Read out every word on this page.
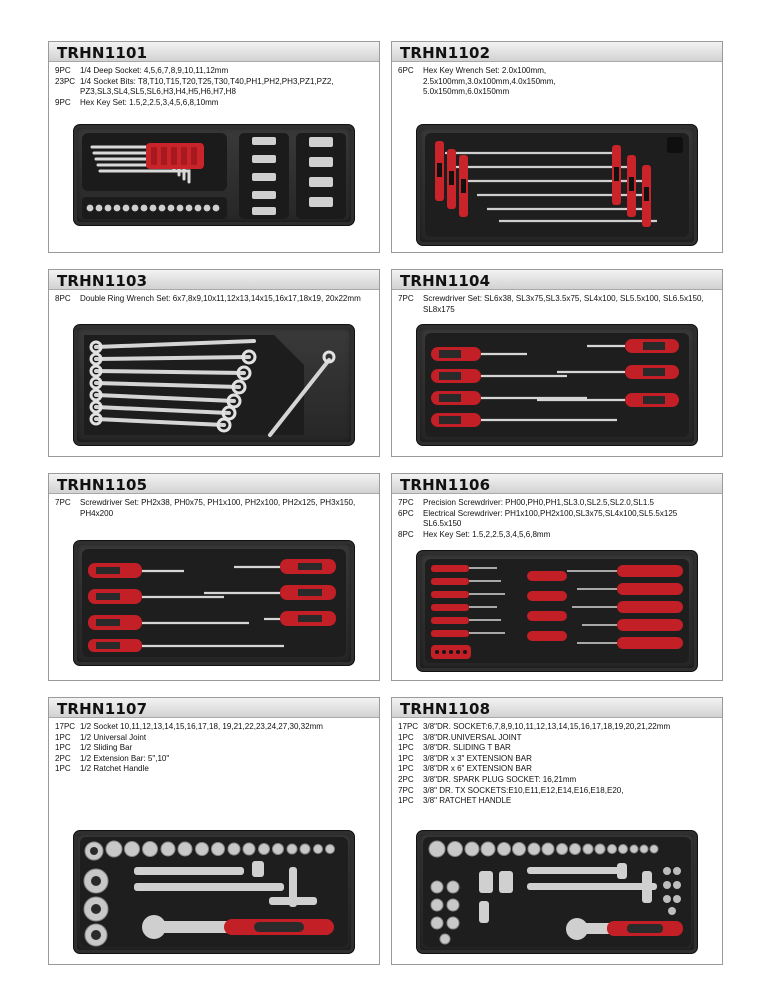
TRHN1101
9PC	1/4 Deep Socket: 4,5,6,7,8,9,10,11,12mm
23PC 1/4 Socket Bits: T8,T10,T15,T20,T25,T30,T40,PH1,PH2,PH3,PZ1,PZ2, PZ3,SL3,SL4,SL5,SL6,H3,H4,H5,H6,H7,H8
9PC	Hex Key Set: 1.5,2,2.5,3,4,5,6,8,10mm
TRHN1102
6PC	Hex Key Wrench Set: 2.0x100mm, 2.5x100mm,3.0x100mm,4.0x150mm, 5.0x150mm,6.0x150mm
TRHN1103
8PC	Double Ring Wrench Set: 6x7,8x9,10x11,12x13,14x15,16x17,18x19, 20x22mm
TRHN1104
7PC	Screwdriver Set: SL6x38, SL3x75,SL3.5x75, SL4x100, SL5.5x100, SL6.5x150, SL8x175
TRHN1105
7PC	Screwdriver Set: PH2x38, PH0x75, PH1x100, PH2x100, PH2x125, PH3x150, PH4x200
TRHN1106
7PC	Precision Screwdriver: PH00,PH0,PH1,SL3.0,SL2.5,SL2.0,SL1.5
6PC	Electrical Screwdriver: PH1x100,PH2x100,SL3x75,SL4x100,SL5.5x125 SL6.5x150
8PC	Hex Key Set: 1.5,2,2.5,3,4,5,6,8mm
TRHN1107
17PC 1/2 Socket 10,11,12,13,14,15,16,17,18, 19,21,22,23,24,27,30,32mm
1PC	1/2 Universal Joint
1PC	1/2 Sliding Bar
2PC	1/2 Extension Bar: 5",10"
1PC	1/2 Ratchet Handle
TRHN1108
17PC 3/8"DR. SOCKET:6,7,8,9,10,11,12,13,14,15,16,17,18,19,20,21,22mm
1PC	3/8"DR.UNIVERSAL JOINT
1PC	3/8"DR. SLIDING T BAR
1PC	3/8"DR x 3" EXTENSION BAR
1PC	3/8"DR x 6" EXTENSION BAR
2PC	3/8"DR. SPARK PLUG SOCKET: 16,21mm
7PC	3/8" DR. TX SOCKETS:E10,E11,E12,E14,E16,E18,E20,
1PC	3/8" RATCHET HANDLE
